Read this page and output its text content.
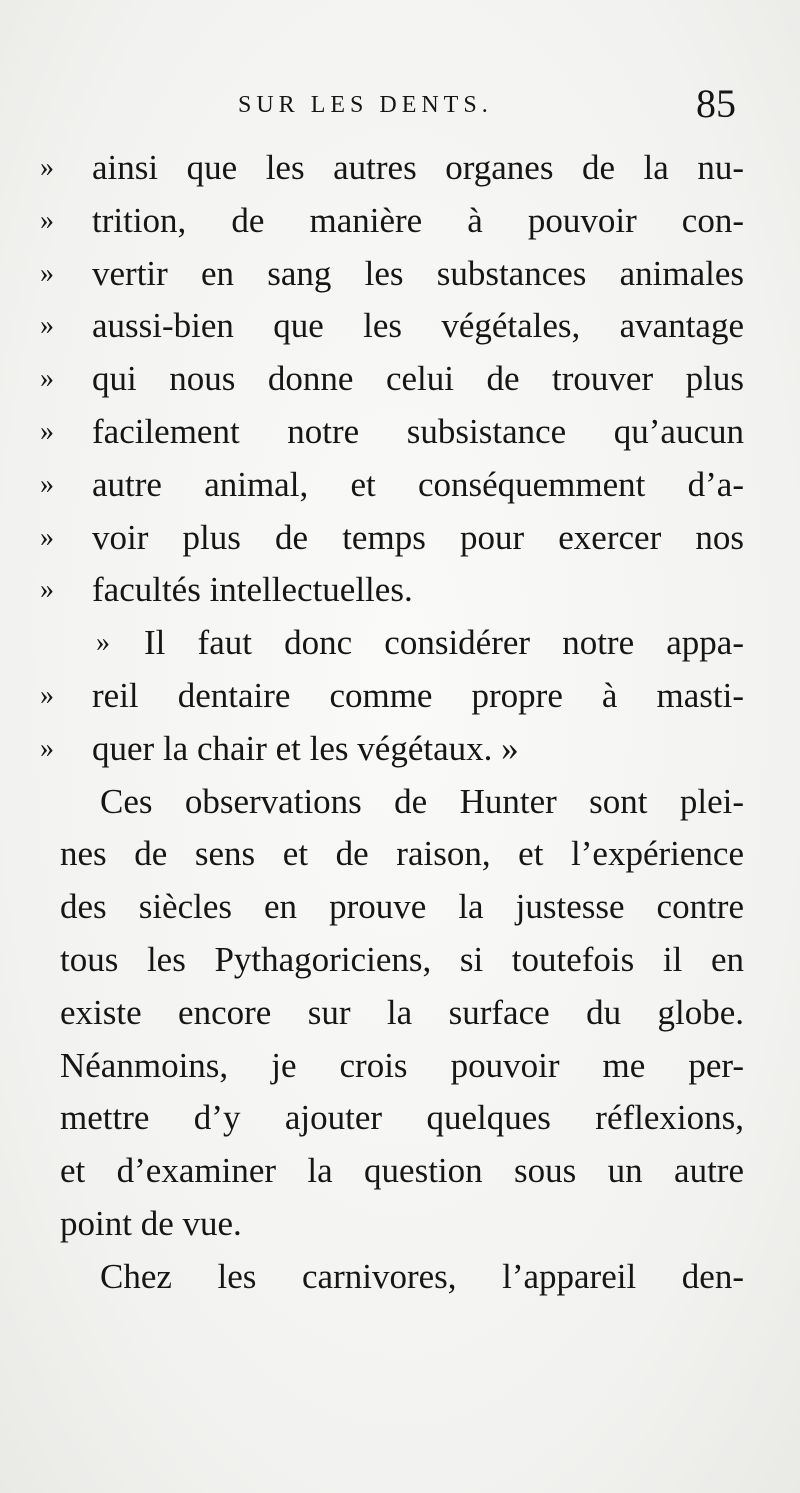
SUR LES DENTS.	85
» ainsi que les autres organes de la nu-
» trition, de manière à pouvoir con-
» vertir en sang les substances animales
» aussi-bien que les végétales, avantage
» qui nous donne celui de trouver plus
» facilement notre subsistance qu’aucun
» autre animal, et conséquemment d’a-
» voir plus de temps pour exercer nos
» facultés intellectuelles.
» Il faut donc considérer notre appa-
» reil dentaire comme propre à masti-
» quer la chair et les végétaux. »
Ces observations de Hunter sont plei-
nes de sens et de raison, et l’expérience
des siècles en prouve la justesse contre
tous les Pythagoriciens, si toutefois il en
existe encore sur la surface du globe.
Néanmoins, je crois pouvoir me per-
mettre d’y ajouter quelques réflexions,
et d’examiner la question sous un autre
point de vue.
Chez les carnivores, l’appareil den-
